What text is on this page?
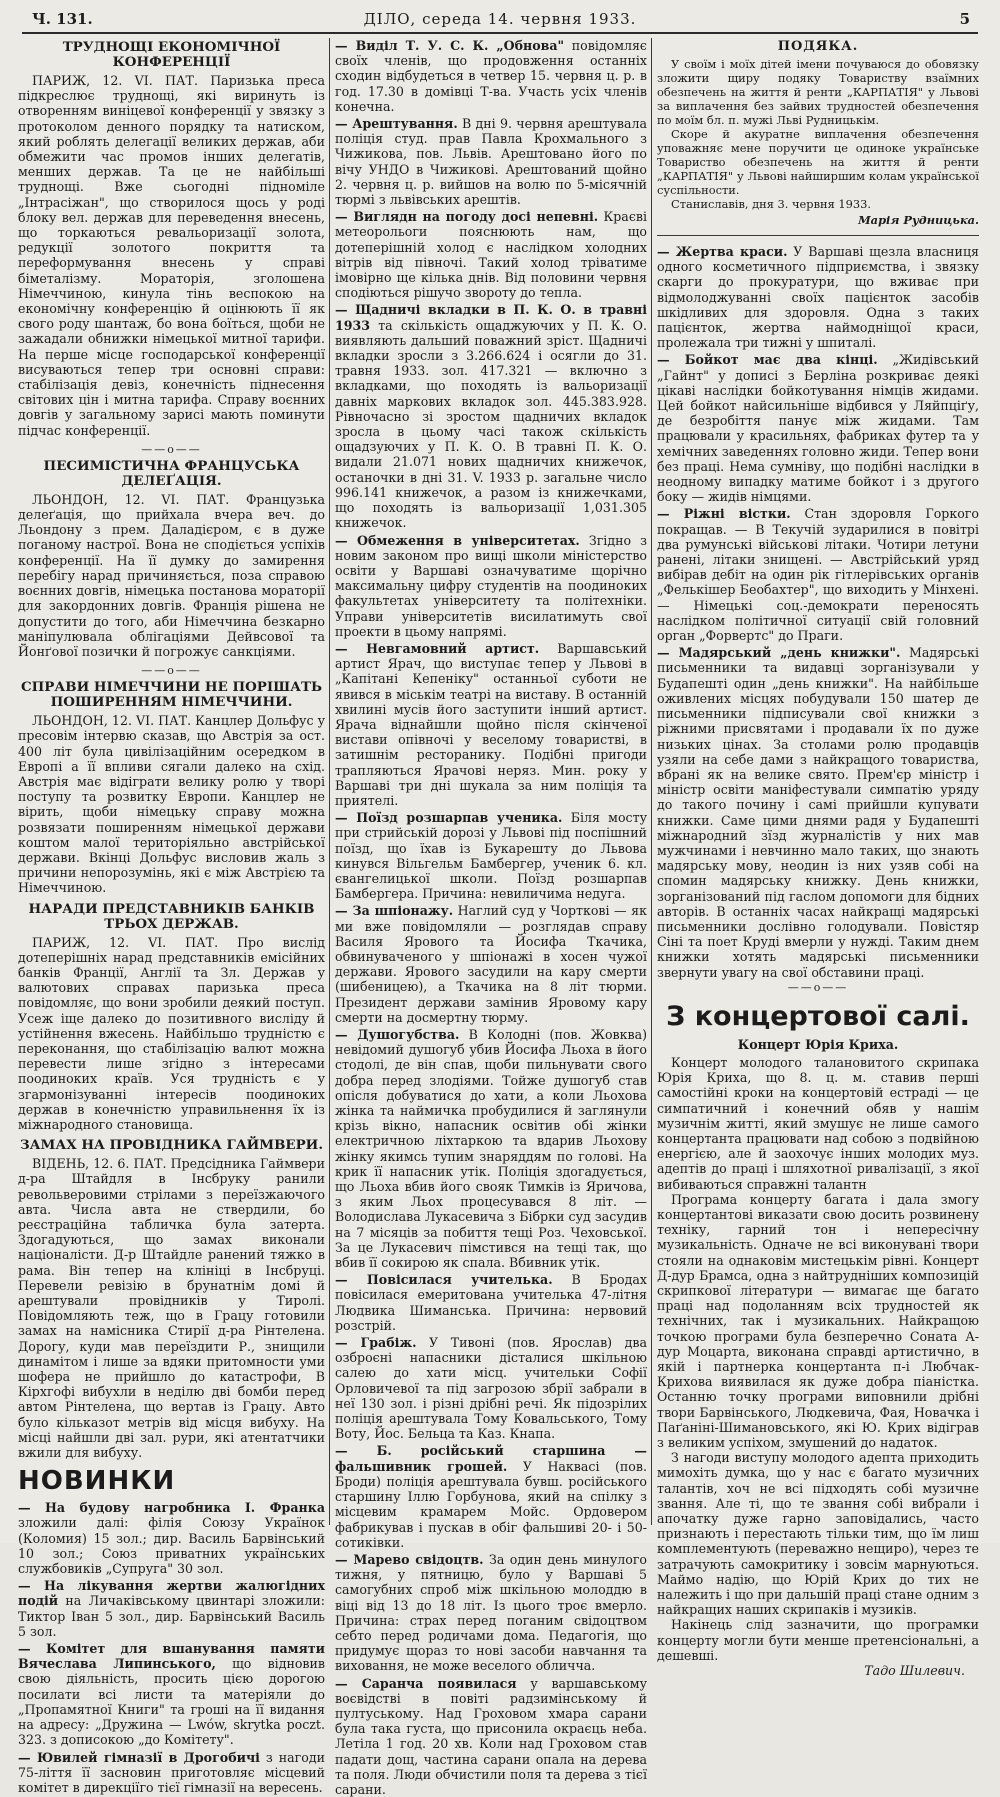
Ч. 131.	ДІЛО, середа 14. червня 1933.	5
ТРУДНОЩІ ЕКОНОМІЧНОЇ КОНФЕРЕНЦІЇ

ПАРИЖ, 12. VI. ПАТ. Паризька преса підкреслює труднощі, які виринуть із отворенням виніцевої конференції у звязку з протоколом денного порядку та натиском, який роблять делегації великих держав, аби обмежити час промов інших делегатів, менших держав. Та це не найбільші труднощі. Вже сьогодні підноміле „Інтрасіжан", що створилося щось у роді блоку вел. держав для переведення внесень, що торкаються ревальоризації золота, редукції золотого покриття та переформування внесень у справі біметалізму. Мораторія, зголошена Німеччиною, кинула тінь веспокою на економічну конференцію й оцінюють її як свого роду шантаж, бо вона боїться, щоби не зажадали обнижки німецької митної тарифи. На перше місце господарської конференції висуваються тепер три основні справи: стабілізація девіз, конечність піднесення світових цін і митна тарифа. Справу воєнних довгів у загальному зарисі мають поминути підчас конференції.

——o——
ПЕСИМІСТИЧНА ФРАНЦУСЬКА ДЕЛЕҐАЦІЯ.

ЛЬОНДОН, 12. VI. ПАТ. Французька делеґація, що прийхала вчера веч. до Льондону з прем. Даладієром, є в дуже поганому настрої. Вона не сподіється успіхів конференції. На її думку до замирення перебігу нарад причиняється, поза справою воєнних довгів, німецька постанова мораторії для закордонних довгів. Франція рішена не допустити до того, аби Німеччина безкарно маніпулювала облігаціями Дейвсової та Йонґової позички й погрожує санкціями.

——o——
СПРАВИ НІМЕЧЧИНИ НЕ ПОРІШАТЬ ПОШИРЕННЯМ НІМЕЧЧИНИ.

ЛЬОНДОН, 12. VI. ПАТ. Канцлер Дольфус у пресовім інтервю сказав, що Австрія за ост. 400 літ була цивілізаційним осередком в Европі а її впливи сягали далеко на схід. Австрія має відіграти велику ролю у творі поступу та розвитку Европи. Канцлер не вірить, щоби німецьку справу можна розвязати поширенням німецької держави коштом малої територіяльно австрійської держави. Вкінці Дольфус висловив жаль з причини непорозумінь, які є між Австрією та Німеччиною.

НАРАДИ ПРЕДСТАВНИКІВ БАНКІВ ТРЬОХ ДЕРЖАВ.

ПАРИЖ, 12. VI. ПАТ. Про вислід дотеперішніх нарад представників емісійних банків Франції, Англії та Зл. Держав у валютових справах паризька преса повідомляє, що вони зробили деякий поступ. Усеж іще далеко до позитивного висліду й устійнення вжесень. Найбільшо трудністю є переконання, що стабілізацію валют можна перевести лише згідно з інтересами поодиноких країв. Уся трудність є у згармонізуванні інтересів поодиноких держав в конечністю управильнення їх із міжнародного становища.

ЗАМАХ НА ПРОВІДНИКА ГАЙМВЕРИ.

ВІДЕНЬ, 12. 6. ПАТ. Предсідника Гаймвери д-ра Штайдля в Інсбруку ранили револьверовими стрілами з переїзжаючого авта. Числа авта не ствердили, бо реєстраційна табличка була затерта. Здогадуються, що замах виконали націоналісти. Д-р Штайдле ранений тяжко в рама. Він тепер на клініці в Інсбруці. Перевели ревізію в брунатнім домі й арештували провідників у Тиролі. Повідомляють теж, що в Грацу готовили замах на намісника Стирії д-ра Рінтелена. Дорогу, куди мав переїздити Р., знищили динамітом і лише за вдяки притомности уми шофера не прийшло до катастрофи, В Кірхгофі вибухли в неділю дві бомби перед автом Рінтелена, що вертав із Грацу. Авто було кільказот метрів від місця вибуху. На місці найшли дві зал. рури, які атентатчики вжили для вибуху.

НОВИНКИ

— На будову нагробника І. Франка зложили далі: філія Союзу Українок (Коломия) 15 зол.; дир. Василь Барвінський 10 зол.; Союз приватних українських службовиків „Супруга" 30 зол.

— На лікування жертви жалюгідних подій на Личаківському цвинтарі зложили: Тиктор Іван 5 зол., дир. Барвінський Василь 5 зол.

— Комітет для вшанування памяти Вячеслава Липинського, що відновив свою діяльність, просить цією дорогою посилати всі листи та матеріяли до „Пропамятної Книги" та гроші на її видання на адресу: „Дружина — Lwów, skrytka poczt. 323. з дописокою „до Комітету".

— Ювилей гімназії в Дрогобичі з нагоди 75-ліття її засновин приготовляє місцевий комітет в дирекціїго тієї гімназії на вересень.

— Виділ Т. У. С. К. „Обнова" повідомляє своїх членів, що продовження останніх сходин відбудеться в четвер 15. червня ц. р. в год. 17.30 в домівці Т-ва. Участь усіх членів конечна.

— Арештування. В дні 9. червня арештувала поліція студ. прав Павла Крохмального з Чижикова, пов. Львів. Арештовано його по вічу УНДО в Чижикові. Арештований щойно 2. червня ц. р. вийшов на волю по 5-місячній тюрмі з львівських арештів.

— Виглядн на погоду досі непевні. Краєві метеорольоги пояснюють нам, що дотеперішній холод є наслідком холодних вітрів від півночі. Такий холод тріватиме імовірно ще кілька днів. Від половини червня сподіються рішучо звороту до тепла.

— Щадничі вкладки в П. К. О. в травні 1933 та скількість ощаджуючих у П. К. О. виявляють дальший поважний зріст. Щадничі вкладки зросли з 3.266.624 і осягли до 31. травня 1933. зол. 417.321 — включно з вкладками, що походять із вальоризації давніх маркових вкладок зол. 445.383.928. Рівночасно зі зростом щадничих вкладок зросла в цьому часі також скількість ощадзуючих у П. К. О. В травні П. К. О. видали 21.071 нових щадничих книжечок, останочки в дні 31. V. 1933 р. загальне число 996.141 книжечок, а разом із книжечками, що походять із вальоризації 1,031.305 книжечок.

— Обмеження в університетах. Згідно з новим законом про вищі школи міністерство освіти у Варшаві означуватиме щорічно максимальну цифру студентів на поодиноких факультетах університету та політехніки. Управи університетів висилатимуть свої проекти в цьому напрямі.

— Невгамовний артист. Варшавський артист Ярач, що виступає тепер у Львові в „Капітані Кепеніку" останньої суботи не явився в міськім театрі на виставу. В останній хвилині мусів його заступити інший артист. Ярача віднайшли щойно після скінченої вистави опівночі у веселому товаристві, в затишнім ресторанику. Подібні пригоди трапляються Ярачові неряз. Мин. року у Варшаві три дні шукала за ним поліція та приятелі.

— Поїзд розшарпав ученика. Біля мосту при стрийській дорозі у Львові під поспішний поїзд, що їхав із Букарешту до Львова кинувся Вільгельм Бамбергер, ученик 6. кл. євангелицької школи. Поїзд розшарпав Бамбергера. Причина: невиличима недуга.

— За шпіонажу. Наглий суд у Чорткові — як ми вже повідомляли — розглядав справу Василя Ярового та Йосифа Ткачика, обвинуваченого у шпіонажі в хосен чужої держави. Ярового засудили на кару смерти (шибеницею), а Ткачика на 8 літ тюрми. Президент держави замінив Яровому кару смерти на досмертну тюрму.

— Душогубства. В Колодні (пов. Жовква) невідомий душогуб убив Йосифа Льоха в його стодолі, де він спав, щоби пильнувати свого добра перед злодіями. Тойже душогуб став опісля добуватися до хати, а коли Льохова жінка та наймичка пробудилися й заглянули крізь вікно, напасник освітив обі жінки електричною ліхтаркою та вдарив Льохову жінку якимсь тупим знаряддям по голові. На крик її напасник утік. Поліція здогадується, що Льоха вбив його свояк Тимків із Яричова, з яким Льох процесувався 8 літ. — Володислава Лукасевича з Бібрки суд засудив на 7 місяців за побиття тещі Роз. Чеховської. За це Лукасевич пімстився на тещі так, що вбив її сокирою як спала. Вбивник утік.

— Повісилася учителька. В Бродах повісилася емеритована учителька 47-літня Людвика Шиманська. Причина: нервовий розстрій.

— Грабіж. У Тивоні (пов. Ярослав) два озброєні напасники дісталися шкільною салею до хати місц. учительки Софії Орловичевої та під загрозою збрії забрали в неї 130 зол. і різні дрібні речі. Як підозрілих поліція арештувала Тому Ковальського, Тому Воту, Йос. Бельца та Каз. Кнапа.

— Б. російський старшина — фальшивник грошей. У Наквасі (пов. Броди) поліція арештувала бувш. російського старшину Іллю Горбунова, який на спілку з місцевим крамарем Мойс. Ордовером фабрикував і пускав в обіг фальшиві 20- і 50-сотиківки.

— Марево свідоцтв. За один день минулого тижня, у пятницю, було у Варшаві 5 самогубних спроб між шкільною молоддю в віці від 13 до 18 літ. Із цього троє вмерло. Причина: страх перед поганим свідоцтвом себто перед родичами дома. Педагогія, що придумує щораз то нові засоби навчання та виховання, не може веселого обличча.

— Саранча появилася у варшавському воєвідстві в повіті радзимінському й пултуському. Над Гроховом хмара сарани була така густа, що присонила окраєць неба. Летіла 1 год. 20 хв. Коли над Гроховом став падати дощ, частина сарани опала на дерева та поля. Люди обчистили поля та дерева з тієї сарани.

ПОДЯКА.

У своїм і моїх дітей імени почуваюся до обовязку зложити щиру подяку Товариству взаїмних обезпечень на життя й ренти „КАРПАТІЯ" у Львові за виплачення без зайвих трудностей обезпечення по моїм бл. п. мужі Льві Рудницькім.

Скоре й акуратне виплачення обезпечення уповажняє мене поручити це одиноке українське Товариство обезпечень на життя й ренти „КАРПАТІЯ" у Львові найширшим колам української суспільности.

Станиславів, дня 3. червня 1933.

Марія Рудницька.

— Жертва краси. У Варшаві щезла власниця одного косметичного підприємства, і звязку скарги до прокуратури, що вживає при відмолоджуванні своїх пацієнток засобів шкідливих для здоровля. Одна з таких пацієнток, жертва наймодніщої краси, пролежала три тижні у шпиталі.

— Бойкот має два кінці. „Жидівський „Гайнт" у дописі з Берліна розкриває деякі цікаві наслідки бойкотування німців жидами. Цей бойкот найсильніше відбився у Ляйпціґу, де безробіття панує між жидами. Там працювали у красильнях, фабриках футер та у хемічних заведеннях головно жиди. Тепер вони без праці. Нема сумніву, що подібні наслідки в неодному випадку матиме бойкот і з другого боку — жидів німцями.

— Ріжні вістки. Стан здоровля Горкого покращав. — В Текучій зударилися в повітрі два румунські військові літаки. Чотири летуни ранені, літаки знищені. — Австрійський уряд вибірав дебіт на один рік гітлерівських органів „Фелькішер Беобахтер", що виходить у Мінхені. — Німецькі соц.-демократи переносять наслідком політичної ситуації свій головний орган „Форвертс" до Праги.

— Мадярський „день книжки". Мадярські письменники та видавці зорганізували у Будапешті один „день книжки". На найбільше оживлених місцях побудували 150 шатер де письменники підписували свої книжки з ріжними присвятами і продавали їх по дуже низьких цінах. За столами ролю продавців узяли на себе дами з найкращого товариства, вбрані як на велике свято. Прем'єр міністр і міністр освіти маніфестували симпатію уряду до такого почину і самі прийшли купувати книжки. Саме цими днями радя у Будапешті міжнародний зїзд журналістів у них мав мужчинами і невчинно мало таких, що знають мадярську мову, неодин із них узяв собі на спомин мадярську книжку. День книжки, зорганізований під гаслом допомоги для бідних авторів. В останніх часах найкращі мадярські письменники дослівно голодували. Повістяр Сіні та поет Круді вмерли у нужді. Таким днем книжки хотять мадярські письменники звернути увагу на свої обставини праці.

——o——
З концертової салі.
Концерт Юрія Криха.

Концерт молодого талановитого скрипака Юрія Криха, що 8. ц. м. ставив перші самостійні кроки на концертовій естраді — це симпатичний і конечний обяв у нашім музичнім житті, який змушує не лише самого концертанта працювати над собою з подвійною енергією, але й заохочує інших молодих муз. адептів до праці і шляхотної ривалізації, з якої вибиваються справжні талантн

Програма концерту багата і дала змогу концертантові виказати свою досить розвинену техніку, гарний тон і непересічну музикальність. Одначе не всі виконувані твори стояли на однаковім мистецькім рівні. Концерт Д-дур Брамса, одна з найтрудніших композицій скрипкової літератури — вимагає ще багато праці над подоланням всіх трудностей як технічних, так і музикальних. Найкращою точкою програми була безперечно Соната А-дур Моцарта, виконана справді артистично, в якій і партнерка концертанта п-і Любчак-Крихова виявилася як дуже добра піаністка. Останню точку програми виповнили дрібні твори Барвінського, Людкевича, Фая, Новачка і Паґаніні-Шимановського, які Ю. Крих відіграв з великим успіхом, змушений до надаток.

З нагоди виступу молодого адепта приходить мимохіть думка, що у нас є багато музичних талантів, хоч не всі підходять собі музичне звання. Але ті, що те звання собі вибрали і апочатку дуже гарно заповідались, часто признають і перестають тільки тим, що їм лиш комплементують (переважно нещиро), через те затрачують самокритику і зовсім марнуються. Маймо надію, що Юрій Крих до тих не належить і що при дальшій праці стане одним з найкращих наших скрипаків і музиків.

Накінець слід зазначити, що програмки концерту могли бути менше претенсіональні, а дешевші.

Тадо Шилевич.
